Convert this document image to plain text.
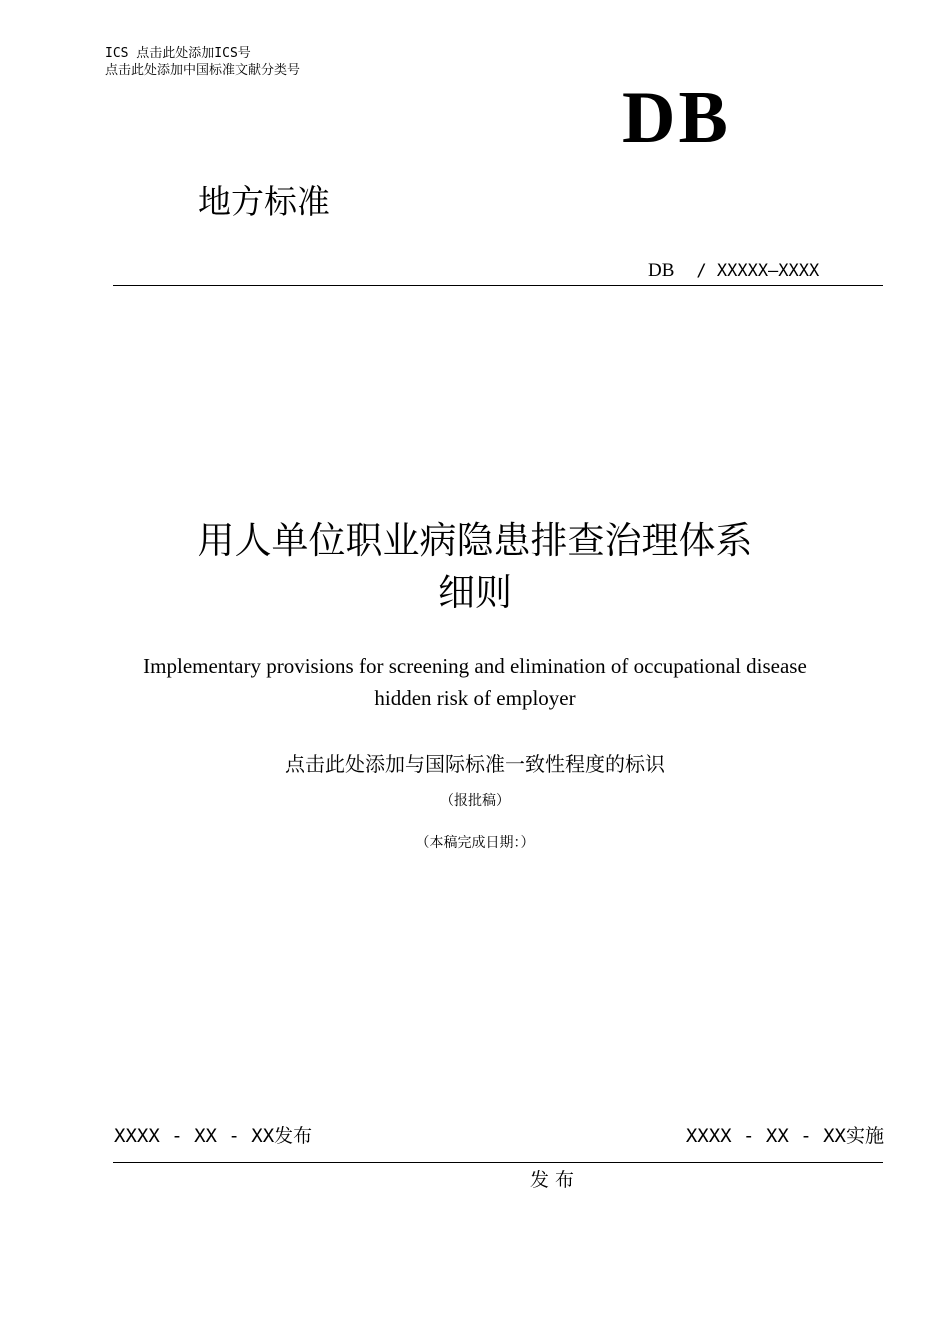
ICS 点击此处添加ICS号
点击此处添加中国标准文献分类号
DB
地方标准
DB / XXXXX—XXXX
用人单位职业病隐患排查治理体系
细则
Implementary provisions for screening and elimination of occupational disease
hidden risk of employer
点击此处添加与国际标准一致性程度的标识
（报批稿）
（本稿完成日期：）
XXXX - XX - XX发布	XXXX - XX - XX实施
发布
